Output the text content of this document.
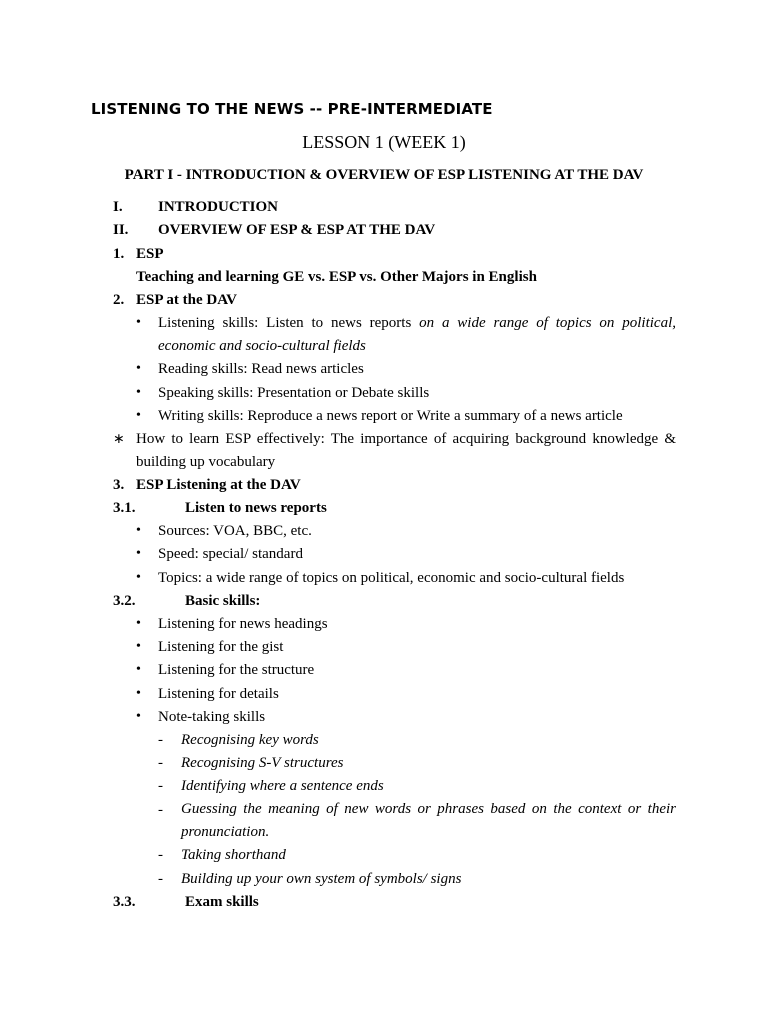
LISTENING TO THE NEWS -- PRE-INTERMEDIATE
LESSON 1 (WEEK 1)
PART I - INTRODUCTION & OVERVIEW OF ESP LISTENING AT THE DAV
I. INTRODUCTION
II. OVERVIEW OF ESP & ESP AT THE DAV
1. ESP
Teaching and learning GE vs. ESP vs. Other Majors in English
2. ESP at the DAV
• Listening skills: Listen to news reports on a wide range of topics on political,
economic and socio-cultural fields
• Reading skills: Read news articles
• Speaking skills: Presentation or Debate skills
• Writing skills: Reproduce a news report or Write a summary of a news article
∗ How to learn ESP effectively: The importance of acquiring background knowledge &
building up vocabulary
3. ESP Listening at the DAV
3.1.	Listen to news reports
• Sources: VOA, BBC, etc.
• Speed: special/ standard
• Topics: a wide range of topics on political, economic and socio-cultural fields
3.2.	Basic skills:
• Listening for news headings
• Listening for the gist
• Listening for the structure
• Listening for details
• Note-taking skills
- Recognising key words
- Recognising S-V structures
- Identifying where a sentence ends
- Guessing the meaning of new words or phrases based on the context or their
pronunciation.
- Taking shorthand
- Building up your own system of symbols/ signs
3.3.	Exam skills
